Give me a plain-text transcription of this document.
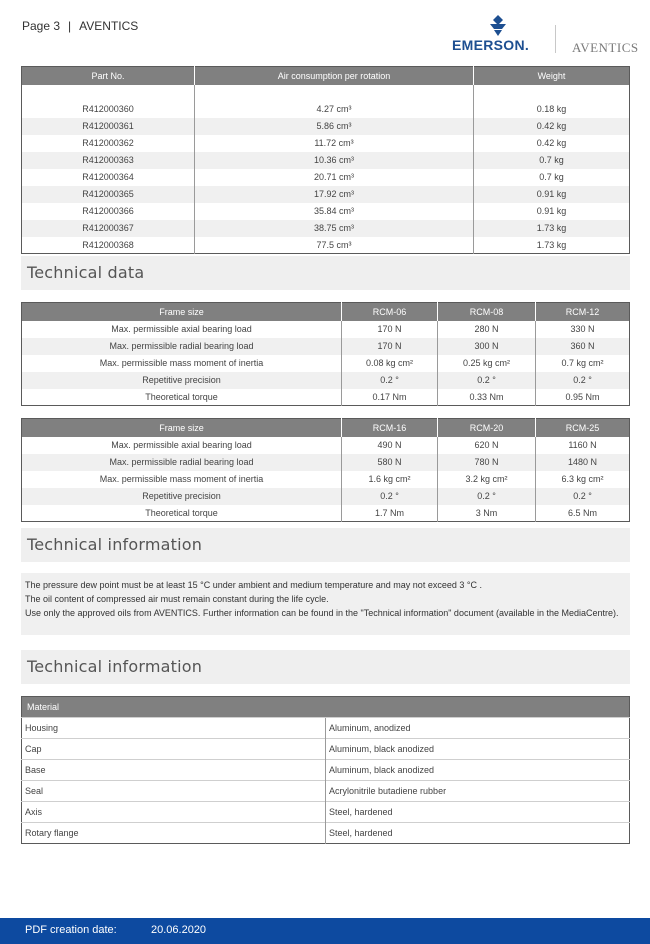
Page 3 | AVENTICS
EMERSON.	AVENTICS
Part No.	Air consumption per rotation	Weight

R412000360	4.27 cm³	0.18 kg
R412000361	5.86 cm³	0.42 kg
R412000362	11.72 cm³	0.42 kg
R412000363	10.36 cm³	0.7 kg
R412000364	20.71 cm³	0.7 kg
R412000365	17.92 cm³	0.91 kg
R412000366	35.84 cm³	0.91 kg
R412000367	38.75 cm³	1.73 kg
R412000368	77.5 cm³	1.73 kg
Technical data
Frame size	RCM-06	RCM-08	RCM-12
Max. permissible axial bearing load	170 N	280 N	330 N
Max. permissible radial bearing load	170 N	300 N	360 N
Max. permissible mass moment of inertia	0.08 kg cm²	0.25 kg cm²	0.7 kg cm²
Repetitive precision	0.2 °	0.2 °	0.2 °
Theoretical torque	0.17 Nm	0.33 Nm	0.95 Nm
Frame size	RCM-16	RCM-20	RCM-25
Max. permissible axial bearing load	490 N	620 N	1160 N
Max. permissible radial bearing load	580 N	780 N	1480 N
Max. permissible mass moment of inertia	1.6 kg cm²	3.2 kg cm²	6.3 kg cm²
Repetitive precision	0.2 °	0.2 °	0.2 °
Theoretical torque	1.7 Nm	3 Nm	6.5 Nm
Technical information

The pressure dew point must be at least 15 °C under ambient and medium temperature and may not exceed 3 °C .

The oil content of compressed air must remain constant during the life cycle.

Use only the approved oils from AVENTICS. Further information can be found in the "Technical information" document (available in the MediaCentre).

Technical information
Material	
Housing	Aluminum, anodized
Cap	Aluminum, black anodized
Base	Aluminum, black anodized
Seal	Acrylonitrile butadiene rubber
Axis	Steel, hardened
Rotary flange	Steel, hardened
PDF creation date:	20.06.2020
